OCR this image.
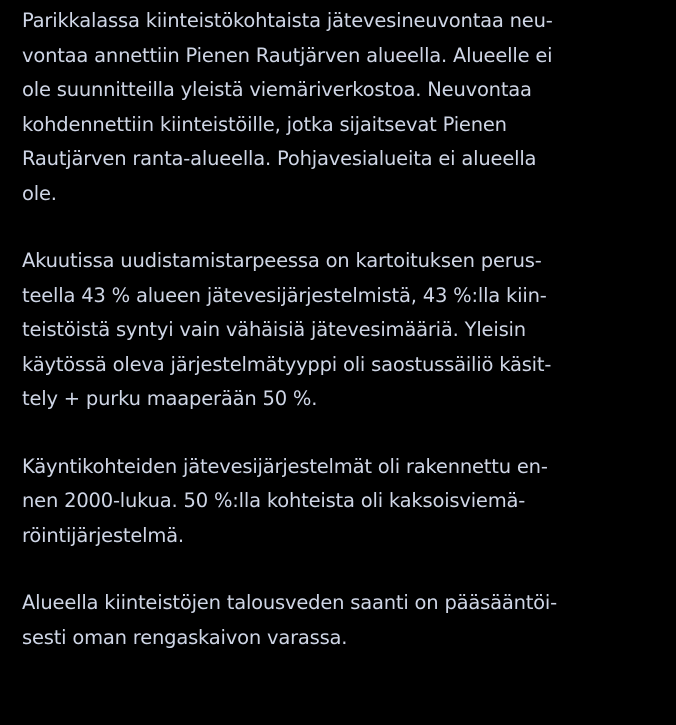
Parikkalassa kiinteistökohtaista jätevesineuvontaa neu-
vontaa annettiin Pienen Rautjärven alueella. Alueelle ei
ole suunnitteilla yleistä viemäriverkostoa. Neuvontaa
kohdennettiin kiinteistöille, jotka sijaitsevat Pienen
Rautjärven ranta-alueella. Pohjavesialueita ei alueella
ole.
Akuutissa uudistamistarpeessa on kartoituksen perus-
teella 43 % alueen jätevesijärjestelmistä, 43 %:lla kiin-
teistöistä syntyi vain vähäisiä jätevesimääriä. Yleisin
käytössä oleva järjestelmätyyppi oli saostussäiliö käsit-
tely + purku maaperään 50 %.
Käyntikohteiden jätevesijärjestelmät oli rakennettu en-
nen 2000-lukua. 50 %:lla kohteista oli kaksoisviemä-
röintijärjestelmä.
Alueella kiinteistöjen talousveden saanti on pääsääntöi-
sesti oman rengaskaivon varassa.
